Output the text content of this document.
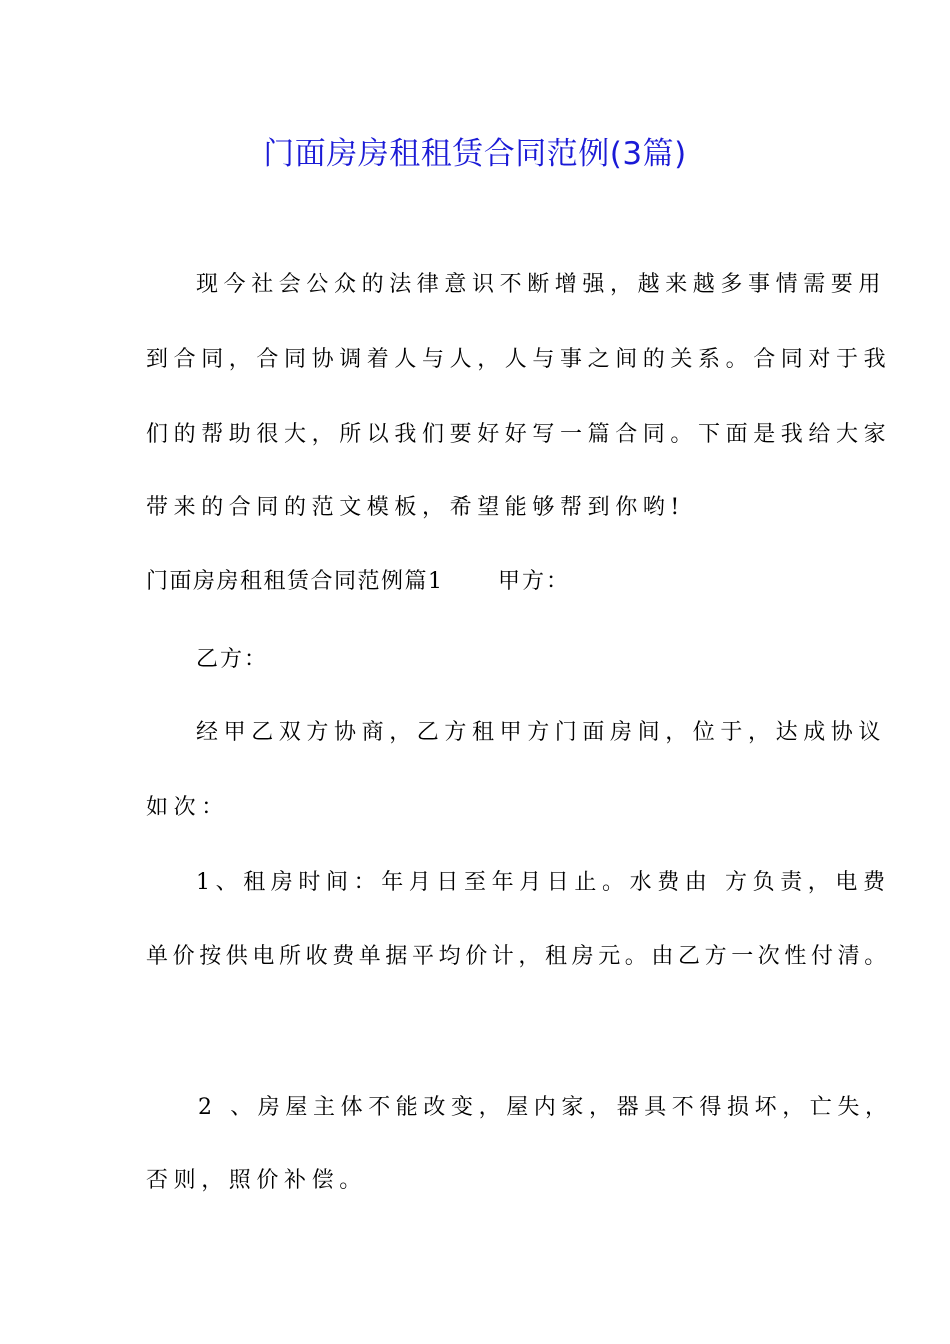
门面房房租租赁合同范例(3篇)
现今社会公众的法律意识不断增强，越来越多事情需要用
到合同，合同协调着人与人，人与事之间的关系。合同对于我
们的帮助很大，所以我们要好好写一篇合同。下面是我给大家
带来的合同的范文模板，希望能够帮到你哟!
门面房房租租赁合同范例篇1 甲方：
乙方：
经甲乙双方协商，乙方租甲方门面房间，位于，达成协议
如次：
1、租房时间：年月日至年月日止。水费由 方负责，电费
单价按供电所收费单据平均价计，租房元。由乙方一次性付清。
2 、房屋主体不能改变，屋内家，器具不得损坏，亡失，
否则，照价补偿。
